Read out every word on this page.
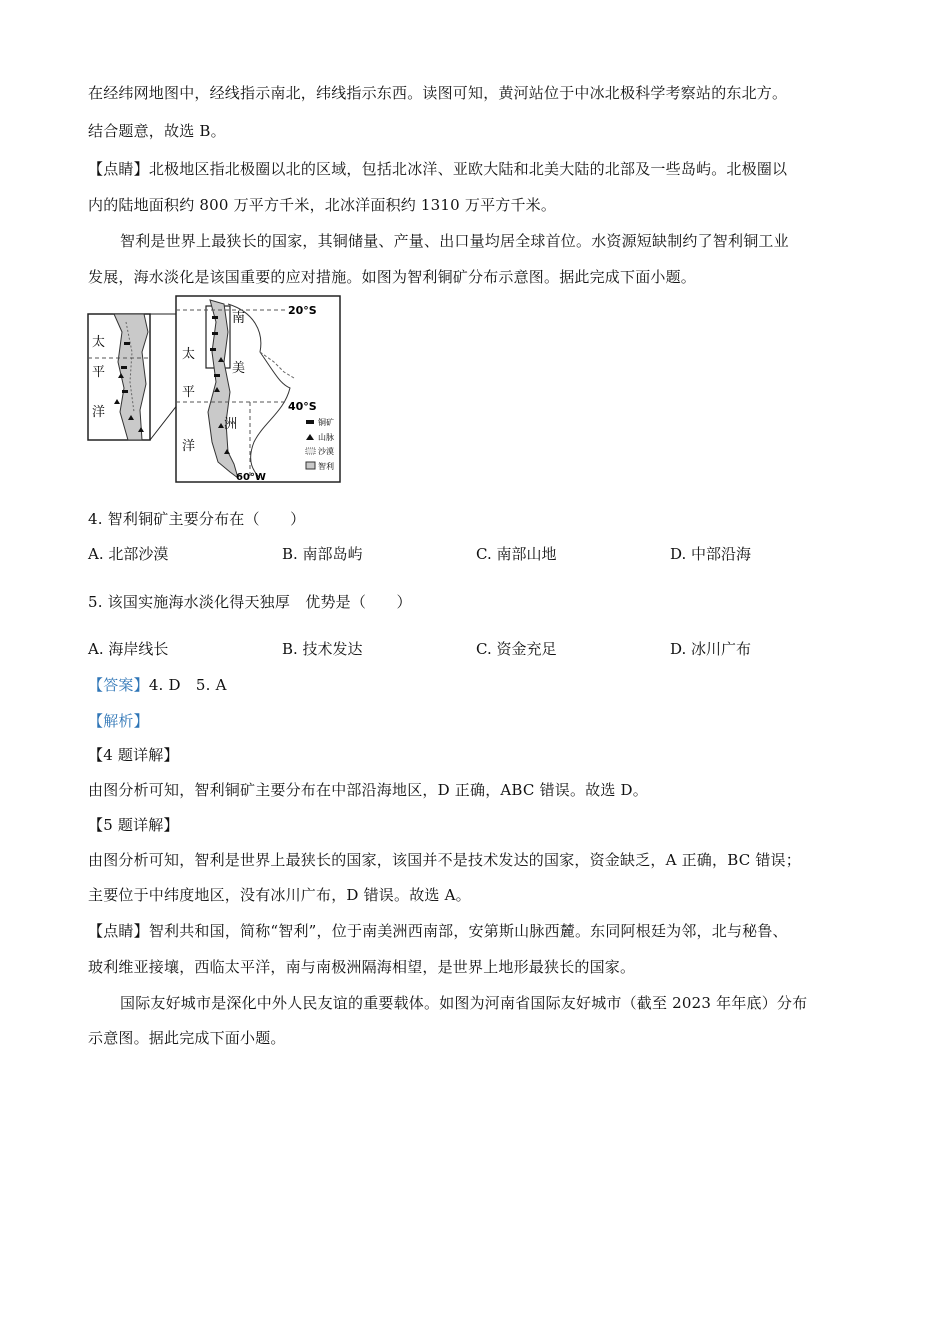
在经纬网地图中，经线指示南北，纬线指示东西。读图可知，黄河站位于中冰北极科学考察站的东北方。
结合题意，故选 B。
【点睛】北极地区指北极圈以北的区域，包括北冰洋、亚欧大陆和北美大陆的北部及一些岛屿。北极圈以
内的陆地面积约 800 万平方千米，北冰洋面积约 1310 万平方千米。
智利是世界上最狭长的国家，其铜储量、产量、出口量均居全球首位。水资源短缺制约了智利铜工业
发展，海水淡化是该国重要的应对措施。如图为智利铜矿分布示意图。据此完成下面小题。
太
平
洋
南
美
洲
太
平
洋
20°S
40°S
60°W
铜矿
山脉
沙漠
智利
4. 智利铜矿主要分布在（　　）
A. 北部沙漠	B. 南部岛屿	C. 南部山地	D. 中部沿海
5. 该国实施海水淡化得天独厚　优势是（　　）
A. 海岸线长	B. 技术发达	C. 资金充足	D. 冰川广布
【答案】4. D　5. A
【解析】
【4 题详解】
由图分析可知，智利铜矿主要分布在中部沿海地区，D 正确，ABC 错误。故选 D。
【5 题详解】
由图分析可知，智利是世界上最狭长的国家，该国并不是技术发达的国家，资金缺乏，A 正确，BC 错误；
主要位于中纬度地区，没有冰川广布，D 错误。故选 A。
【点睛】智利共和国，简称“智利”，位于南美洲西南部，安第斯山脉西麓。东同阿根廷为邻，北与秘鲁、
玻利维亚接壤，西临太平洋，南与南极洲隔海相望，是世界上地形最狭长的国家。
国际友好城市是深化中外人民友谊的重要载体。如图为河南省国际友好城市（截至 2023 年年底）分布
示意图。据此完成下面小题。
